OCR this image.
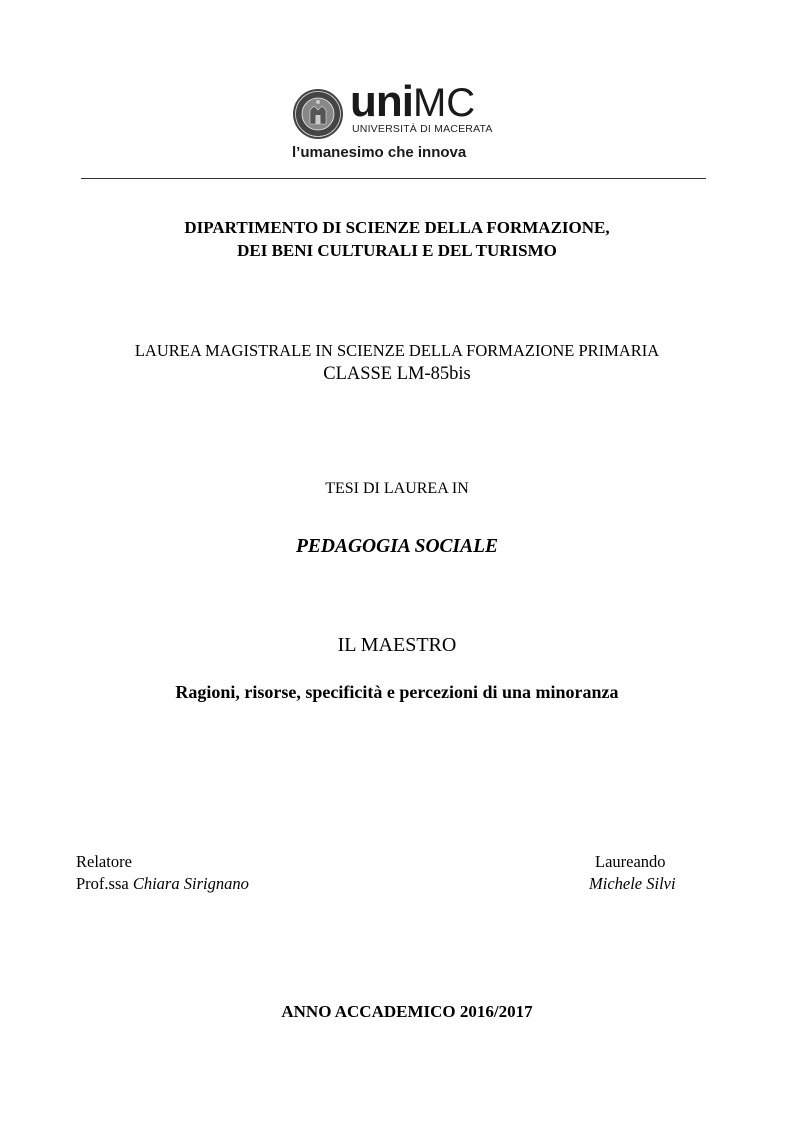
uniMC
UNIVERSITÀ DI MACERATA
l’umanesimo che innova
DIPARTIMENTO DI SCIENZE DELLA FORMAZIONE,
DEI BENI CULTURALI E DEL TURISMO
LAUREA MAGISTRALE IN SCIENZE DELLA FORMAZIONE PRIMARIA
CLASSE LM-85bis
TESI DI LAUREA IN
PEDAGOGIA SOCIALE
IL MAESTRO
Ragioni, risorse, specificità e percezioni di una minoranza
Relatore
Prof.ssa Chiara Sirignano
Laureando
Michele Silvi
ANNO ACCADEMICO 2016/2017
